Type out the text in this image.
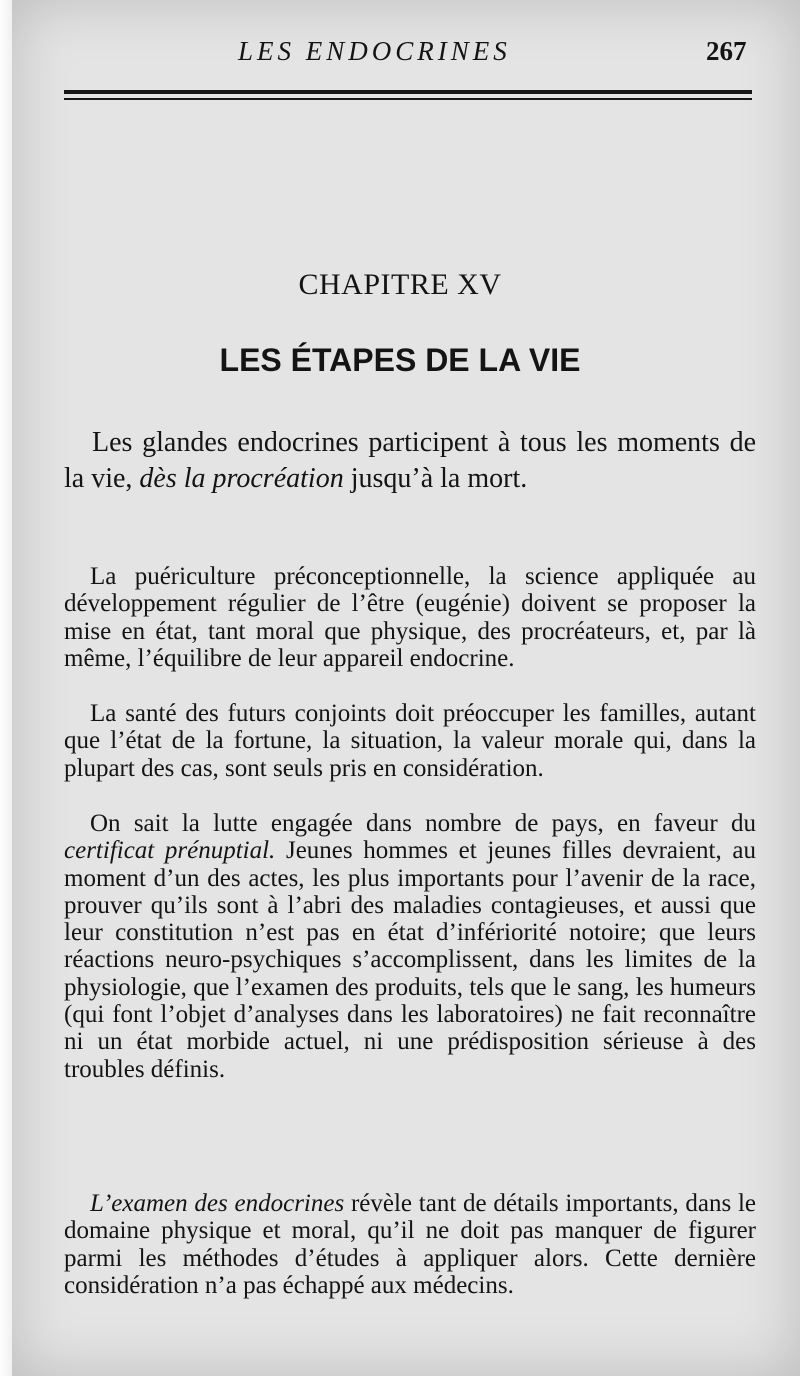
LES ENDOCRINES	267
CHAPITRE XV
LES ÉTAPES DE LA VIE

Les glandes endocrines participent à tous les moments de la vie, dès la procréation jusqu’à la mort.

La puériculture préconceptionnelle, la science appliquée au développement régulier de l’être (eugénie) doivent se proposer la mise en état, tant moral que physique, des procréateurs, et, par là même, l’équilibre de leur appareil endocrine.

La santé des futurs conjoints doit préoccuper les familles, autant que l’état de la fortune, la situation, la valeur morale qui, dans la plupart des cas, sont seuls pris en considération.

On sait la lutte engagée dans nombre de pays, en faveur du certificat prénuptial. Jeunes hommes et jeunes filles devraient, au moment d’un des actes, les plus importants pour l’avenir de la race, prouver qu’ils sont à l’abri des maladies contagieuses, et aussi que leur constitution n’est pas en état d’infériorité notoire; que leurs réactions neuro-psychiques s’accomplissent, dans les limites de la physiologie, que l’examen des produits, tels que le sang, les humeurs (qui font l’objet d’analyses dans les laboratoires) ne fait reconnaître ni un état morbide actuel, ni une prédisposition sérieuse à des troubles définis.

L’examen des endocrines révèle tant de détails importants, dans le domaine physique et moral, qu’il ne doit pas manquer de figurer parmi les méthodes d’études à appliquer alors. Cette dernière considération n’a pas échappé aux médecins.
